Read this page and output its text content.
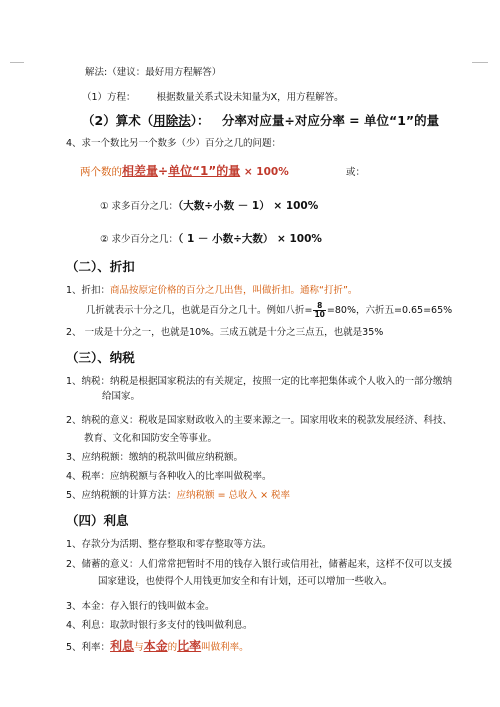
解法:（建议：最好用方程解答）
（1）方程： 根据数量关系式设未知量为X，用方程解答。
（2）算术（用除法）： 分率对应量÷对应分率 = 单位“1”的量
4、求一个数比另一个数多（少）百分之几的问题：
两个数的相差量÷单位“1”的量 × 100%	或：
① 求多百分之几：（大数÷小数 － 1） × 100%
② 求少百分之几：（ 1 － 小数÷大数） × 100%
（二）、折扣
1、折扣：商品按原定价格的百分之几出售，叫做折扣。通称“打折”。
几折就表示十分之几，也就是百分之几十。例如八折= $\frac{8}{10} =80\%$，六折五=0.65=65%
2、 一成是十分之一，也就是10%。三成五就是十分之三点五，也就是35%
（三）、纳税
1、纳税：纳税是根据国家税法的有关规定，按照一定的比率把集体或个人收入的一部分缴纳
给国家。
2、纳税的意义：税收是国家财政收入的主要来源之一。国家用收来的税款发展经济、科技、
教育、文化和国防安全等事业。
3、应纳税额：缴纳的税款叫做应纳税额。
4、税率：应纳税额与各种收入的比率叫做税率。
5、应纳税额的计算方法：应纳税额 = 总收入 × 税率
（四）利息
1、存款分为活期、整存整取和零存整取等方法。
2、储蓄的意义：人们常常把暂时不用的钱存入银行或信用社，储蓄起来，这样不仅可以支援
国家建设，也使得个人用钱更加安全和有计划，还可以增加一些收入。
3、本金：存入银行的钱叫做本金。
4、利息：取款时银行多支付的钱叫做利息。
5、利率：利息与本金的比率叫做利率。
